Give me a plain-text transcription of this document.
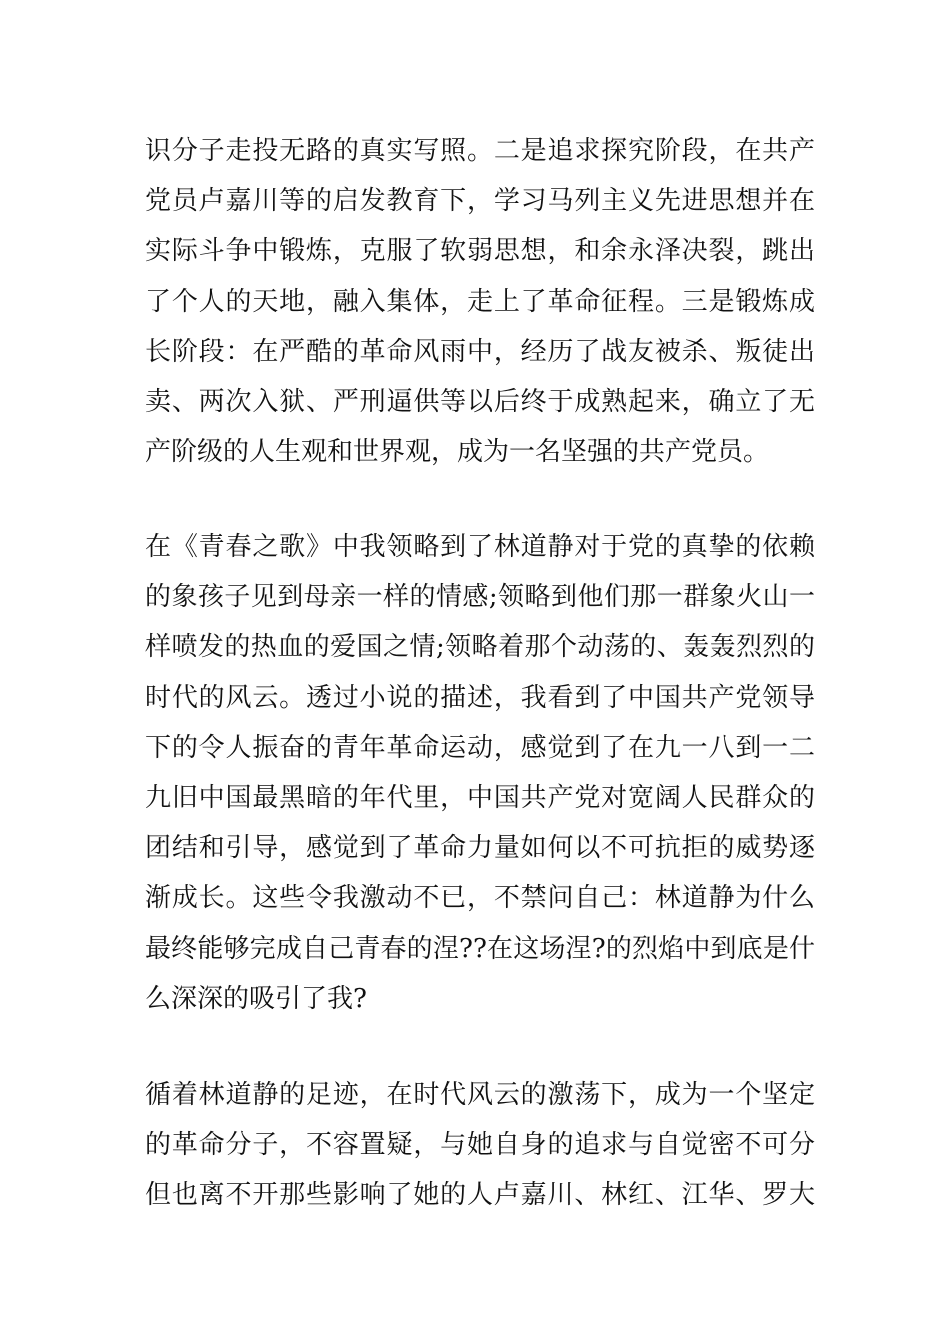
识分子走投无路的真实写照。二是追求探究阶段，在共产
党员卢嘉川等的启发教育下，学习马列主义先进思想并在
实际斗争中锻炼，克服了软弱思想，和余永泽决裂，跳出
了个人的天地，融入集体，走上了革命征程。三是锻炼成
长阶段：在严酷的革命风雨中，经历了战友被杀、叛徒出
卖、两次入狱、严刑逼供等以后终于成熟起来，确立了无
产阶级的人生观和世界观，成为一名坚强的共产党员。
在《青春之歌》中我领略到了林道静对于党的真挚的依赖
的象孩子见到母亲一样的情感;领略到他们那一群象火山一
样喷发的热血的爱国之情;领略着那个动荡的、轰轰烈烈的
时代的风云。透过小说的描述，我看到了中国共产党领导
下的令人振奋的青年革命运动，感觉到了在九一八到一二
九旧中国最黑暗的年代里，中国共产党对宽阔人民群众的
团结和引导，感觉到了革命力量如何以不可抗拒的威势逐
渐成长。这些令我激动不已，不禁问自己：林道静为什么
最终能够完成自己青春的涅??在这场涅?的烈焰中到底是什
么深深的吸引了我?
循着林道静的足迹，在时代风云的激荡下，成为一个坚定
的革命分子，不容置疑，与她自身的追求与自觉密不可分
但也离不开那些影响了她的人卢嘉川、林红、江华、罗大
